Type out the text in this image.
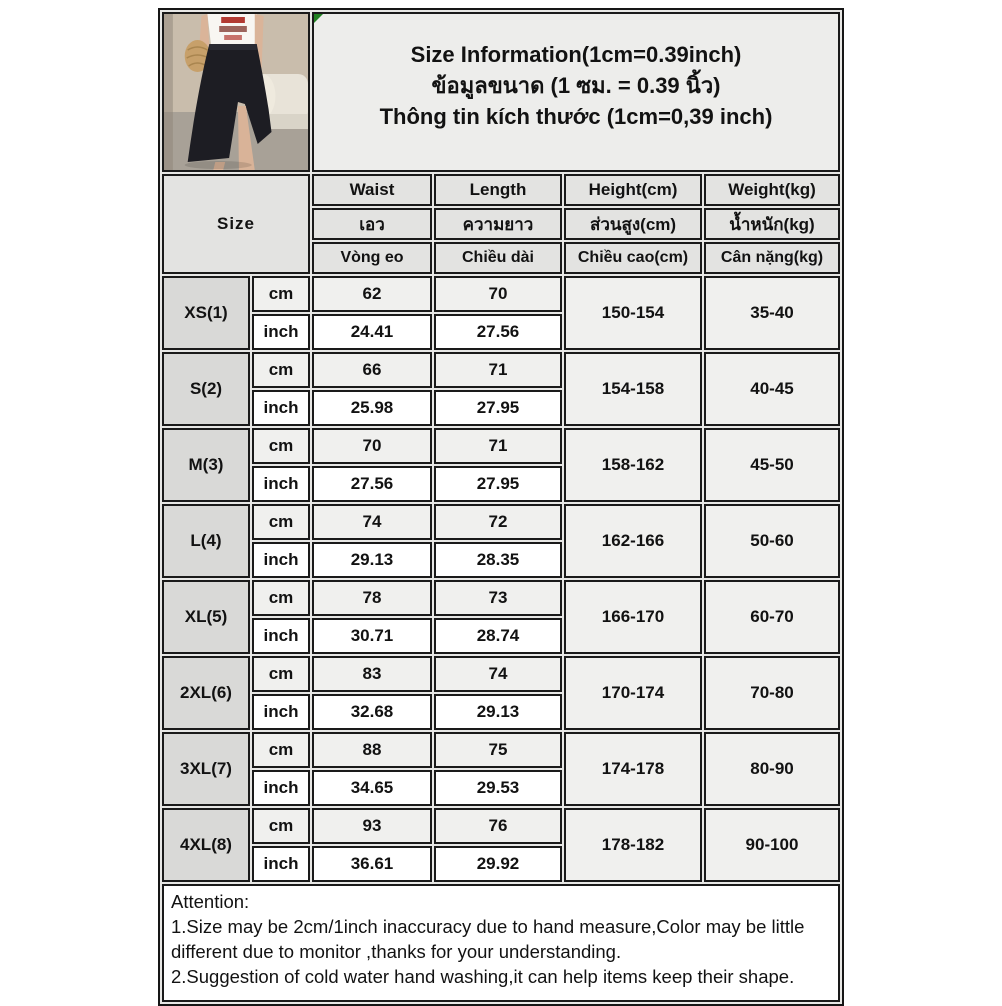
Size Information(1cm=0.39inch)
ข้อมูลขนาด (1 ซม. = 0.39 นิ้ว)
Thông tin kích thước (1cm=0,39 inch)			

Size		Waist	Length	Height(cm)	Weight(kg)
		เอว	ความยาว	ส่วนสูง(cm)	น้ำหนัก(kg)
		Vòng eo	Chiều dài	Chiều cao(cm)	Cân nặng(kg)
XS(1)	cm	62	70	150-154	35-40
	inch	24.41	27.56		
S(2)	cm	66	71	154-158	40-45
	inch	25.98	27.95		
M(3)	cm	70	71	158-162	45-50
	inch	27.56	27.95		
L(4)	cm	74	72	162-166	50-60
	inch	29.13	28.35		
XL(5)	cm	78	73	166-170	60-70
	inch	30.71	28.74		
2XL(6)	cm	83	74	170-174	70-80
	inch	32.68	29.13		
3XL(7)	cm	88	75	174-178	80-90
	inch	34.65	29.53		
4XL(8)	cm	93	76	178-182	90-100
	inch	36.61	29.92		

Attention:
1.Size may be 2cm/1inch inaccuracy due to hand measure,Color may be little different due to monitor ,thanks for your understanding.
2.Suggestion of cold water hand washing,it can help items keep their shape.					
